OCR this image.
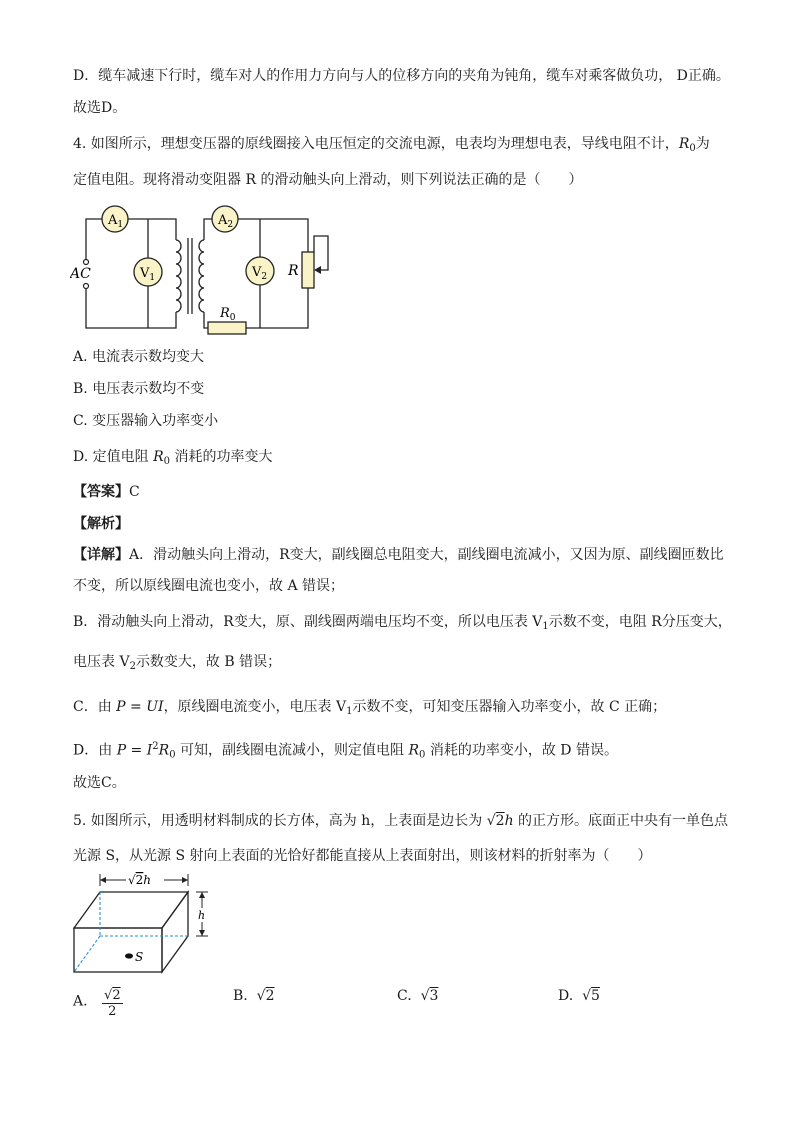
D．缆车减速下行时，缆车对人的作用力方向与人的位移方向的夹角为钝角，缆车对乘客做负功， D正确。
故选D。
4. 如图所示，理想变压器的原线圈接入电压恒定的交流电源，电表均为理想电表，导线电阻不计，$R_0$为
定值电阻。现将滑动变阻器 R 的滑动触头向上滑动，则下列说法正确的是（　　）
AC
$A_1$
$V_1$
$A_2$
$V_2$ R
$R_0$
A. 电流表示数均变大
B. 电压表示数均不变
C. 变压器输入功率变小
D. 定值电阻 $R_0$ 消耗的功率变大
【答案】C
【解析】
【详解】A．滑动触头向上滑动，R变大，副线圈总电阻变大，副线圈电流减小，又因为原、副线圈匝数比
不变，所以原线圈电流也变小，故 A 错误；
B．滑动触头向上滑动，R变大，原、副线圈两端电压均不变，所以电压表 $V_1$示数不变，电阻 R分压变大，
电压表 $V_2$示数变大，故 B 错误；
C．由 P = UI，原线圈电流变小，电压表 $V_1$示数不变，可知变压器输入功率变小，故 C 正确；
D．由 $P = I^2R_0$ 可知，副线圈电流减小，则定值电阻 $R_0$ 消耗的功率变小，故 D 错误。
故选C。
5. 如图所示，用透明材料制成的长方体，高为 h，上表面是边长为 √2h 的正方形。底面正中央有一单色点
光源 S，从光源 S 射向上表面的光恰好都能直接从上表面射出，则该材料的折射率为（　　）
√2h
h
S
A. $\frac{√2}{2}$	B.  √2	C.  √3	D.  √5
